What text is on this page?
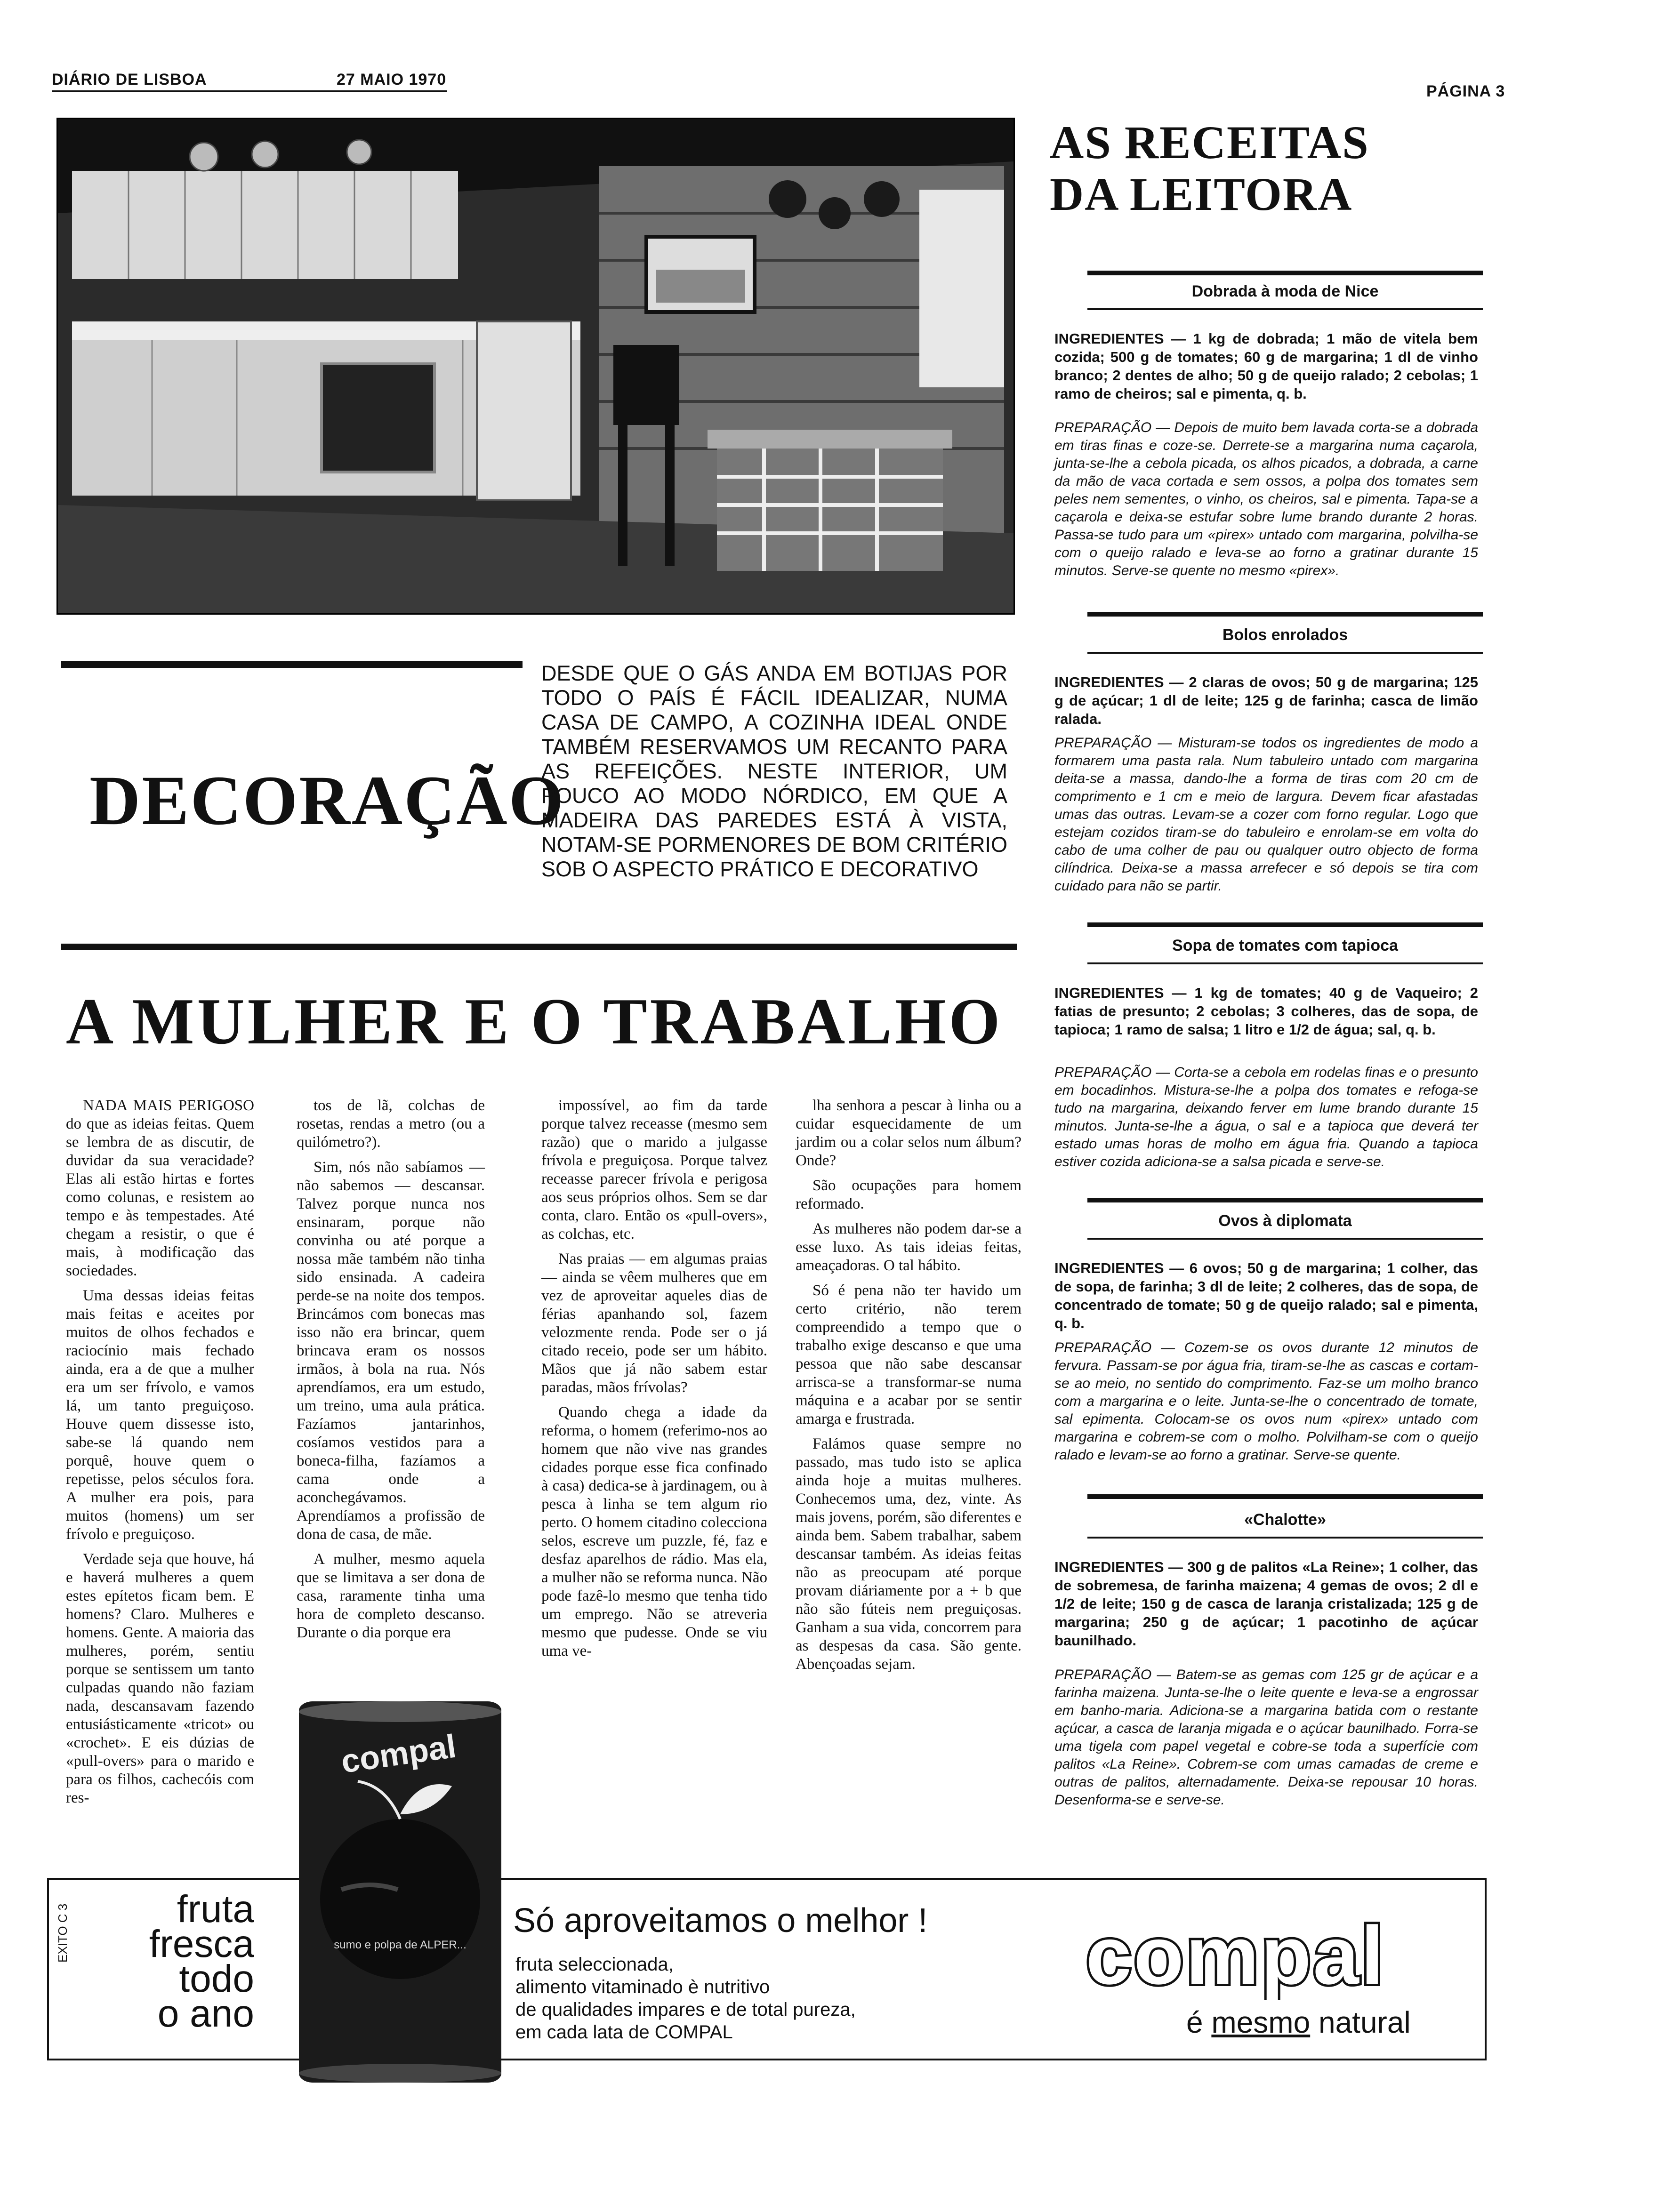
DIÁRIO DE LISBOA	27 MAIO 1970
PÁGINA 3
AS RECEITAS
DA LEITORA
Dobrada à moda de Nice
INGREDIENTES — 1 kg de dobrada; 1 mão de vitela bem cozida; 500 g de tomates; 60 g de margarina; 1 dl de vinho branco; 2 dentes de alho; 50 g de queijo ralado; 2 cebolas; 1 ramo de cheiros; sal e pimenta, q. b.
PREPARAÇÃO — Depois de muito bem lavada corta-se a dobrada em tiras finas e coze-se. Derrete-se a margarina numa caçarola, junta-se-lhe a cebola picada, os alhos picados, a dobrada, a carne da mão de vaca cortada e sem ossos, a polpa dos tomates sem peles nem sementes, o vinho, os cheiros, sal e pimenta. Tapa-se a caçarola e deixa-se estufar sobre lume brando durante 2 horas. Passa-se tudo para um «pirex» untado com margarina, polvilha-se com o queijo ralado e leva-se ao forno a gratinar durante 15 minutos. Serve-se quente no mesmo «pirex».
Bolos enrolados
INGREDIENTES — 2 claras de ovos; 50 g de margarina; 125 g de açúcar; 1 dl de leite; 125 g de farinha; casca de limão ralada.
PREPARAÇÃO — Misturam-se todos os ingredientes de modo a formarem uma pasta rala. Num tabuleiro untado com margarina deita-se a massa, dando-lhe a forma de tiras com 20 cm de comprimento e 1 cm e meio de largura. Devem ficar afastadas umas das outras. Levam-se a cozer com forno regular. Logo que estejam cozidos tiram-se do tabuleiro e enrolam-se em volta do cabo de uma colher de pau ou qualquer outro objecto de forma cilíndrica. Deixa-se a massa arrefecer e só depois se tira com cuidado para não se partir.
Sopa de tomates com tapioca
INGREDIENTES — 1 kg de tomates; 40 g de Vaqueiro; 2 fatias de presunto; 2 cebolas; 3 colheres, das de sopa, de tapioca; 1 ramo de salsa; 1 litro e 1/2 de água; sal, q. b.
PREPARAÇÃO — Corta-se a cebola em rodelas finas e o presunto em bocadinhos. Mistura-se-lhe a polpa dos tomates e refoga-se tudo na margarina, deixando ferver em lume brando durante 15 minutos. Junta-se-lhe a água, o sal e a tapioca que deverá ter estado umas horas de molho em água fria. Quando a tapioca estiver cozida adiciona-se a salsa picada e serve-se.
Ovos à diplomata
INGREDIENTES — 6 ovos; 50 g de margarina; 1 colher, das de sopa, de farinha; 3 dl de leite; 2 colheres, das de sopa, de concentrado de tomate; 50 g de queijo ralado; sal e pimenta, q. b.
PREPARAÇÃO — Cozem-se os ovos durante 12 minutos de fervura. Passam-se por água fria, tiram-se-lhe as cascas e cortam-se ao meio, no sentido do comprimento. Faz-se um molho branco com a margarina e o leite. Junta-se-lhe o concentrado de tomate, sal epimenta. Colocam-se os ovos num «pirex» untado com margarina e cobrem-se com o molho. Polvilham-se com o queijo ralado e levam-se ao forno a gratinar. Serve-se quente.
«Chalotte»
INGREDIENTES — 300 g de palitos «La Reine»; 1 colher, das de sobremesa, de farinha maizena; 4 gemas de ovos; 2 dl e 1/2 de leite; 150 g de casca de laranja cristalizada; 125 g de margarina; 250 g de açúcar; 1 pacotinho de açúcar baunilhado.
PREPARAÇÃO — Batem-se as gemas com 125 gr de açúcar e a farinha maizena. Junta-se-lhe o leite quente e leva-se a engrossar em banho-maria. Adiciona-se a margarina batida com o restante açúcar, a casca de laranja migada e o açúcar baunilhado. Forra-se uma tigela com papel vegetal e cobre-se toda a superfície com palitos «La Reine». Cobrem-se com umas camadas de creme e outras de palitos, alternadamente. Deixa-se repousar 10 horas. Desenforma-se e serve-se.
DECORAÇÃO
DESDE QUE O GÁS ANDA EM BOTIJAS POR TODO O PAÍS É FÁCIL IDEALIZAR, NUMA CASA DE CAMPO, A COZINHA IDEAL ONDE TAMBÉM RESERVAMOS UM RECANTO PARA AS REFEIÇÕES. NESTE INTERIOR, UM POUCO AO MODO NÓRDICO, EM QUE A MADEIRA DAS PAREDES ESTÁ À VISTA, NOTAM-SE PORMENORES DE BOM CRITÉRIO SOB O ASPECTO PRÁTICO E DECORATIVO
A MULHER E O TRABALHO

NADA MAIS PERIGOSO do que as ideias feitas. Quem se lembra de as discutir, de duvidar da sua veracidade? Elas ali estão hirtas e fortes como colunas, e resistem ao tempo e às tempestades. Até chegam a resistir, o que é mais, à modificação das sociedades.

Uma dessas ideias feitas mais feitas e aceites por muitos de olhos fechados e raciocínio mais fechado ainda, era a de que a mulher era um ser frívolo, e vamos lá, um tanto preguiçoso. Houve quem dissesse isto, sabe-se lá quando nem porquê, houve quem o repetisse, pelos séculos fora. A mulher era pois, para muitos (homens) um ser frívolo e preguiçoso.

Verdade seja que houve, há e haverá mulheres a quem estes epítetos ficam bem. E homens? Claro. Mulheres e homens. Gente. A maioria das mulheres, porém, sentiu porque se sentissem um tanto culpadas quando não faziam nada, descansavam fazendo entusiásticamente «tricot» ou «crochet». E eis dúzias de «pull-overs» para o marido e para os filhos, cachecóis com res-

tos de lã, colchas de rosetas, rendas a metro (ou a quilómetro?).

Sim, nós não sabíamos — não sabemos — descansar. Talvez porque nunca nos ensinaram, porque não convinha ou até porque a nossa mãe também não tinha sido ensinada. A cadeira perde-se na noite dos tempos. Brincámos com bonecas mas isso não era brincar, quem brincava eram os nossos irmãos, à bola na rua. Nós aprendíamos, era um estudo, um treino, uma aula prática. Fazíamos jantarinhos, cosíamos vestidos para a boneca-filha, fazíamos a cama onde a aconchegávamos. Aprendíamos a profissão de dona de casa, de mãe.

A mulher, mesmo aquela que se limitava a ser dona de casa, raramente tinha uma hora de completo descanso. Durante o dia porque era

impossível, ao fim da tarde porque talvez receasse (mesmo sem razão) que o marido a julgasse frívola e preguiçosa. Porque talvez receasse parecer frívola e perigosa aos seus próprios olhos. Sem se dar conta, claro. Então os «pull-overs», as colchas, etc.

Nas praias — em algumas praias — ainda se vêem mulheres que em vez de aproveitar aqueles dias de férias apanhando sol, fazem velozmente renda. Pode ser o já citado receio, pode ser um hábito. Mãos que já não sabem estar paradas, mãos frívolas?

Quando chega a idade da reforma, o homem (referimo-nos ao homem que não vive nas grandes cidades porque esse fica confinado à casa) dedica-se à jardinagem, ou à pesca à linha se tem algum rio perto. O homem citadino colecciona selos, escreve um puzzle, fé, faz e desfaz aparelhos de rádio. Mas ela, a mulher não se reforma nunca. Não pode fazê-lo mesmo que tenha tido um emprego. Não se atreveria mesmo que pudesse. Onde se viu uma ve-

lha senhora a pescar à linha ou a cuidar esquecidamente de um jardim ou a colar selos num álbum? Onde?

São ocupações para homem reformado.

As mulheres não podem dar-se a esse luxo. As tais ideias feitas, ameaçadoras. O tal hábito.

Só é pena não ter havido um certo critério, não terem compreendido a tempo que o trabalho exige descanso e que uma pessoa que não sabe descansar arrisca-se a transformar-se numa máquina e a acabar por se sentir amarga e frustrada.

Falámos quase sempre no passado, mas tudo isto se aplica ainda hoje a muitas mulheres. Conhecemos uma, dez, vinte. As mais jovens, porém, são diferentes e ainda bem. Sabem trabalhar, sabem descansar também. As ideias feitas não as preocupam até porque provam diáriamente por a + b que não são fúteis nem preguiçosas. Ganham a sua vida, concorrem para as despesas da casa. São gente. Abençoadas sejam.

EXITO C 3	fruta
fresca
todo
o ano
compal
sumo e polpa de ALPER...
Só aproveitamos o melhor !
fruta seleccionada,
alimento vitaminado è nutritivo
de qualidades impares e de total pureza,
em cada lata de COMPAL
compal
é mesmo natural
